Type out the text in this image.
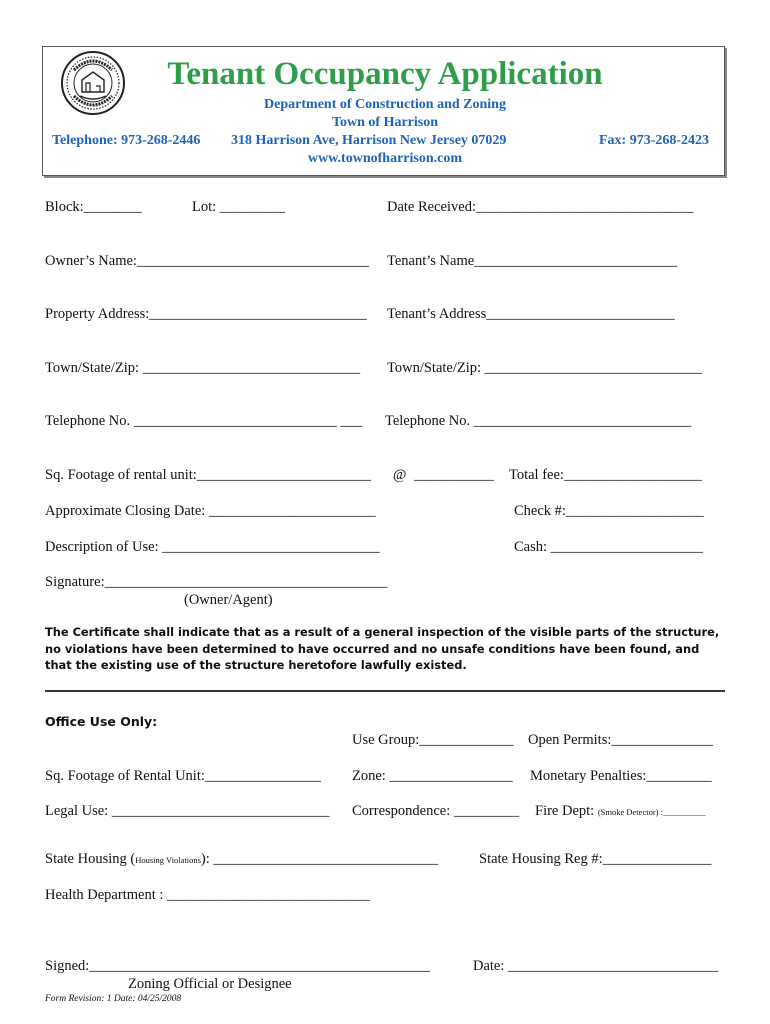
Tenant Occupancy Application
Department of Construction and Zoning
Town of Harrison
Telephone: 973-268-2446 318 Harrison Ave, Harrison New Jersey 07029	Fax: 973-268-2423
www.townofharrison.com
Block:________	Lot: _________	Date Received:______________________________
Owner’s Name:________________________________ Tenant’s Name____________________________
Property Address:______________________________ Tenant’s Address__________________________
Town/State/Zip: ______________________________ Town/State/Zip: ______________________________
Telephone No. ____________________________ ___ Telephone No. ______________________________
Sq. Footage of rental unit:________________________ @ ___________ Total fee:___________________
Approximate Closing Date: _______________________	Check #:___________________
Description of Use: ______________________________	Cash: _____________________
Signature:_______________________________________
(Owner/Agent)
The Certificate shall indicate that as a result of a general inspection of the visible parts of the structure, no violations have been determined to have occurred and no unsafe conditions have been found, and that the existing use of the structure heretofore lawfully existed.
Office Use Only:
Use Group:_____________ Open Permits:______________
Sq. Footage of Rental Unit:________________ Zone: _________________ Monetary Penalties:_________
Legal Use: ______________________________ Correspondence: _________ Fire Dept: (Smoke Detector) :__________
State Housing (Housing Violations): _______________________________	State Housing Reg #:_______________
Health Department : ____________________________
Signed:_______________________________________________	Date: _____________________________
Zoning Official or Designee
Form Revision: 1 Date: 04/25/2008
